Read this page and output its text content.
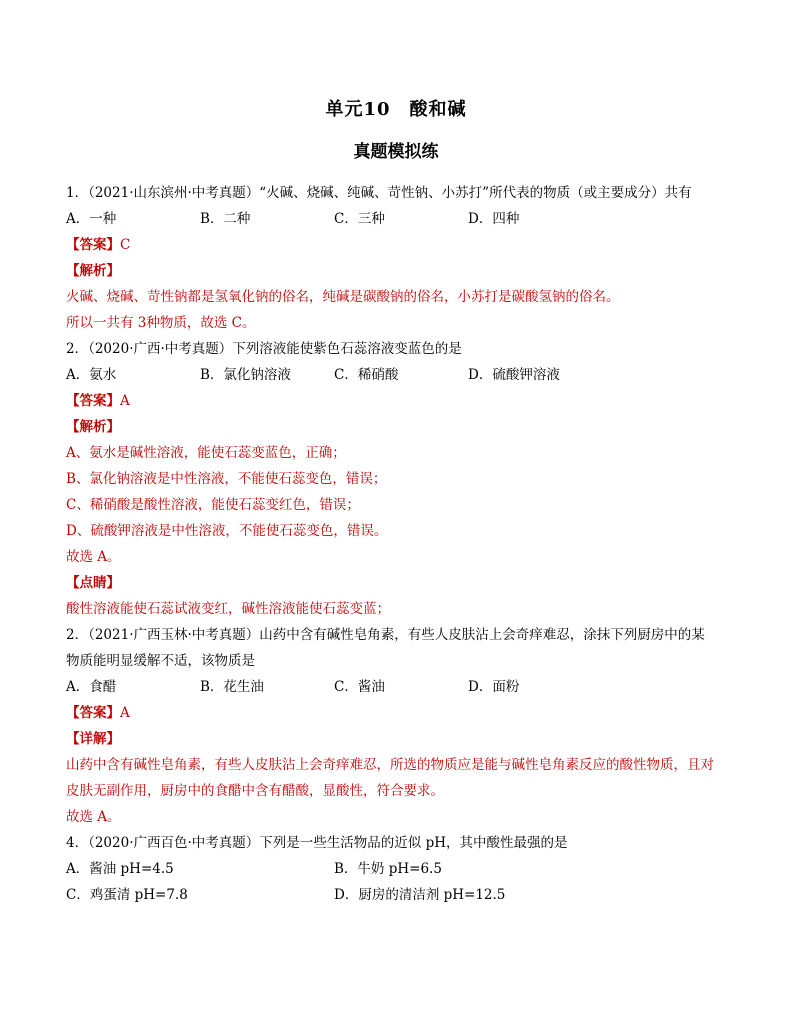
单元10　酸和碱
真题模拟练
1．（2021·山东滨州·中考真题）“火碱、烧碱、纯碱、苛性钠、小苏打”所代表的物质（或主要成分）共有
A．一种	B．二种	C．三种	D．四种
【答案】C
【解析】
火碱、烧碱、苛性钠都是氢氧化钠的俗名，纯碱是碳酸钠的俗名，小苏打是碳酸氢钠的俗名。
所以一共有 3种物质，故选 C。
2．（2020·广西·中考真题）下列溶液能使紫色石蕊溶液变蓝色的是
A．氨水	B．氯化钠溶液	C．稀硝酸	D．硫酸钾溶液
【答案】A
【解析】
A、氨水是碱性溶液，能使石蕊变蓝色，正确；
B、氯化钠溶液是中性溶液，不能使石蕊变色，错误；
C、稀硝酸是酸性溶液，能使石蕊变红色，错误；
D、硫酸钾溶液是中性溶液，不能使石蕊变色，错误。
故选 A。
【点睛】
酸性溶液能使石蕊试液变红，碱性溶液能使石蕊变蓝；
2．（2021·广西玉林·中考真题）山药中含有碱性皂角素，有些人皮肤沾上会奇痒难忍，涂抹下列厨房中的某
物质能明显缓解不适，该物质是
A．食醋	B．花生油	C．酱油	D．面粉
【答案】A
【详解】
山药中含有碱性皂角素，有些人皮肤沾上会奇痒难忍，所选的物质应是能与碱性皂角素反应的酸性物质，且对
皮肤无副作用，厨房中的食醋中含有醋酸，显酸性，符合要求。
故选 A。
4．（2020·广西百色·中考真题）下列是一些生活物品的近似 pH，其中酸性最强的是
A．酱油 pH=4.5	B．牛奶 pH=6.5
C．鸡蛋清 pH=7.8	D．厨房的清洁剂 pH=12.5
